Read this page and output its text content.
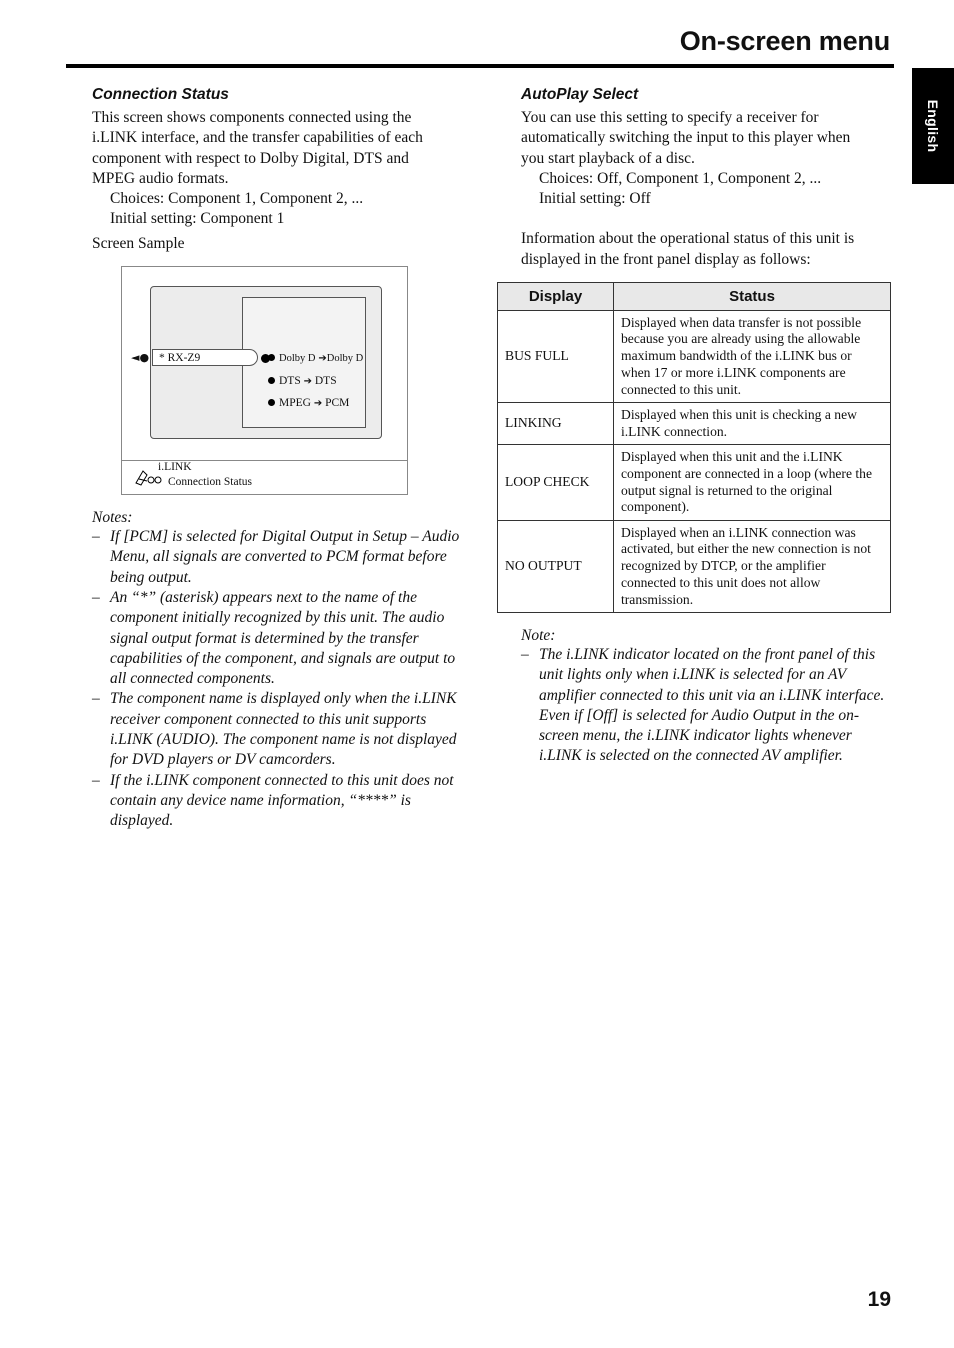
On-screen menu
English
Connection Status

This screen shows components connected using the

i.LINK interface, and the transfer capabilities of each

component with respect to Dolby Digital, DTS and

MPEG audio formats.

Choices: Component 1, Component 2, ...

Initial setting: Component 1

Screen Sample

◄● * RX-Z9	Dolby D ➔Dolby D
DTS ➔ DTS
MPEG ➔ PCM
i.LINK
Connection Status
Notes:
– If [PCM] is selected for Digital Output in Setup – Audio Menu, all signals are converted to PCM format before being output.
– An “*” (asterisk) appears next to the name of the component initially recognized by this unit. The audio signal output format is determined by the transfer capabilities of the component, and signals are output to all connected components.
– The component name is displayed only when the i.LINK receiver component connected to this unit supports i.LINK (AUDIO). The component name is not displayed for DVD players or DV camcorders.
– If the i.LINK component connected to this unit does not contain any device name information, “****” is displayed.
AutoPlay Select

You can use this setting to specify a receiver for

automatically switching the input to this player when

you start playback of a disc.

Choices: Off, Component 1, Component 2, ...

Initial setting: Off

Information about the operational status of this unit is

displayed in the front panel display as follows:

Display	Status
BUS FULL	Displayed when data transfer is not possible because you are already using the allowable maximum bandwidth of the i.LINK bus or when 17 or more i.LINK components are connected to this unit.
LINKING	Displayed when this unit is checking a new i.LINK connection.
LOOP CHECK	Displayed when this unit and the i.LINK component are connected in a loop (where the output signal is returned to the original component).
NO OUTPUT	Displayed when an i.LINK connection was activated, but either the new connection is not recognized by DTCP, or the amplifier connected to this unit does not allow transmission.
Note:
– The i.LINK indicator located on the front panel of this unit lights only when i.LINK is selected for an AV amplifier connected to this unit via an i.LINK interface. Even if [Off] is selected for Audio Output in the on-screen menu, the i.LINK indicator lights whenever i.LINK is selected on the connected AV amplifier.
19
